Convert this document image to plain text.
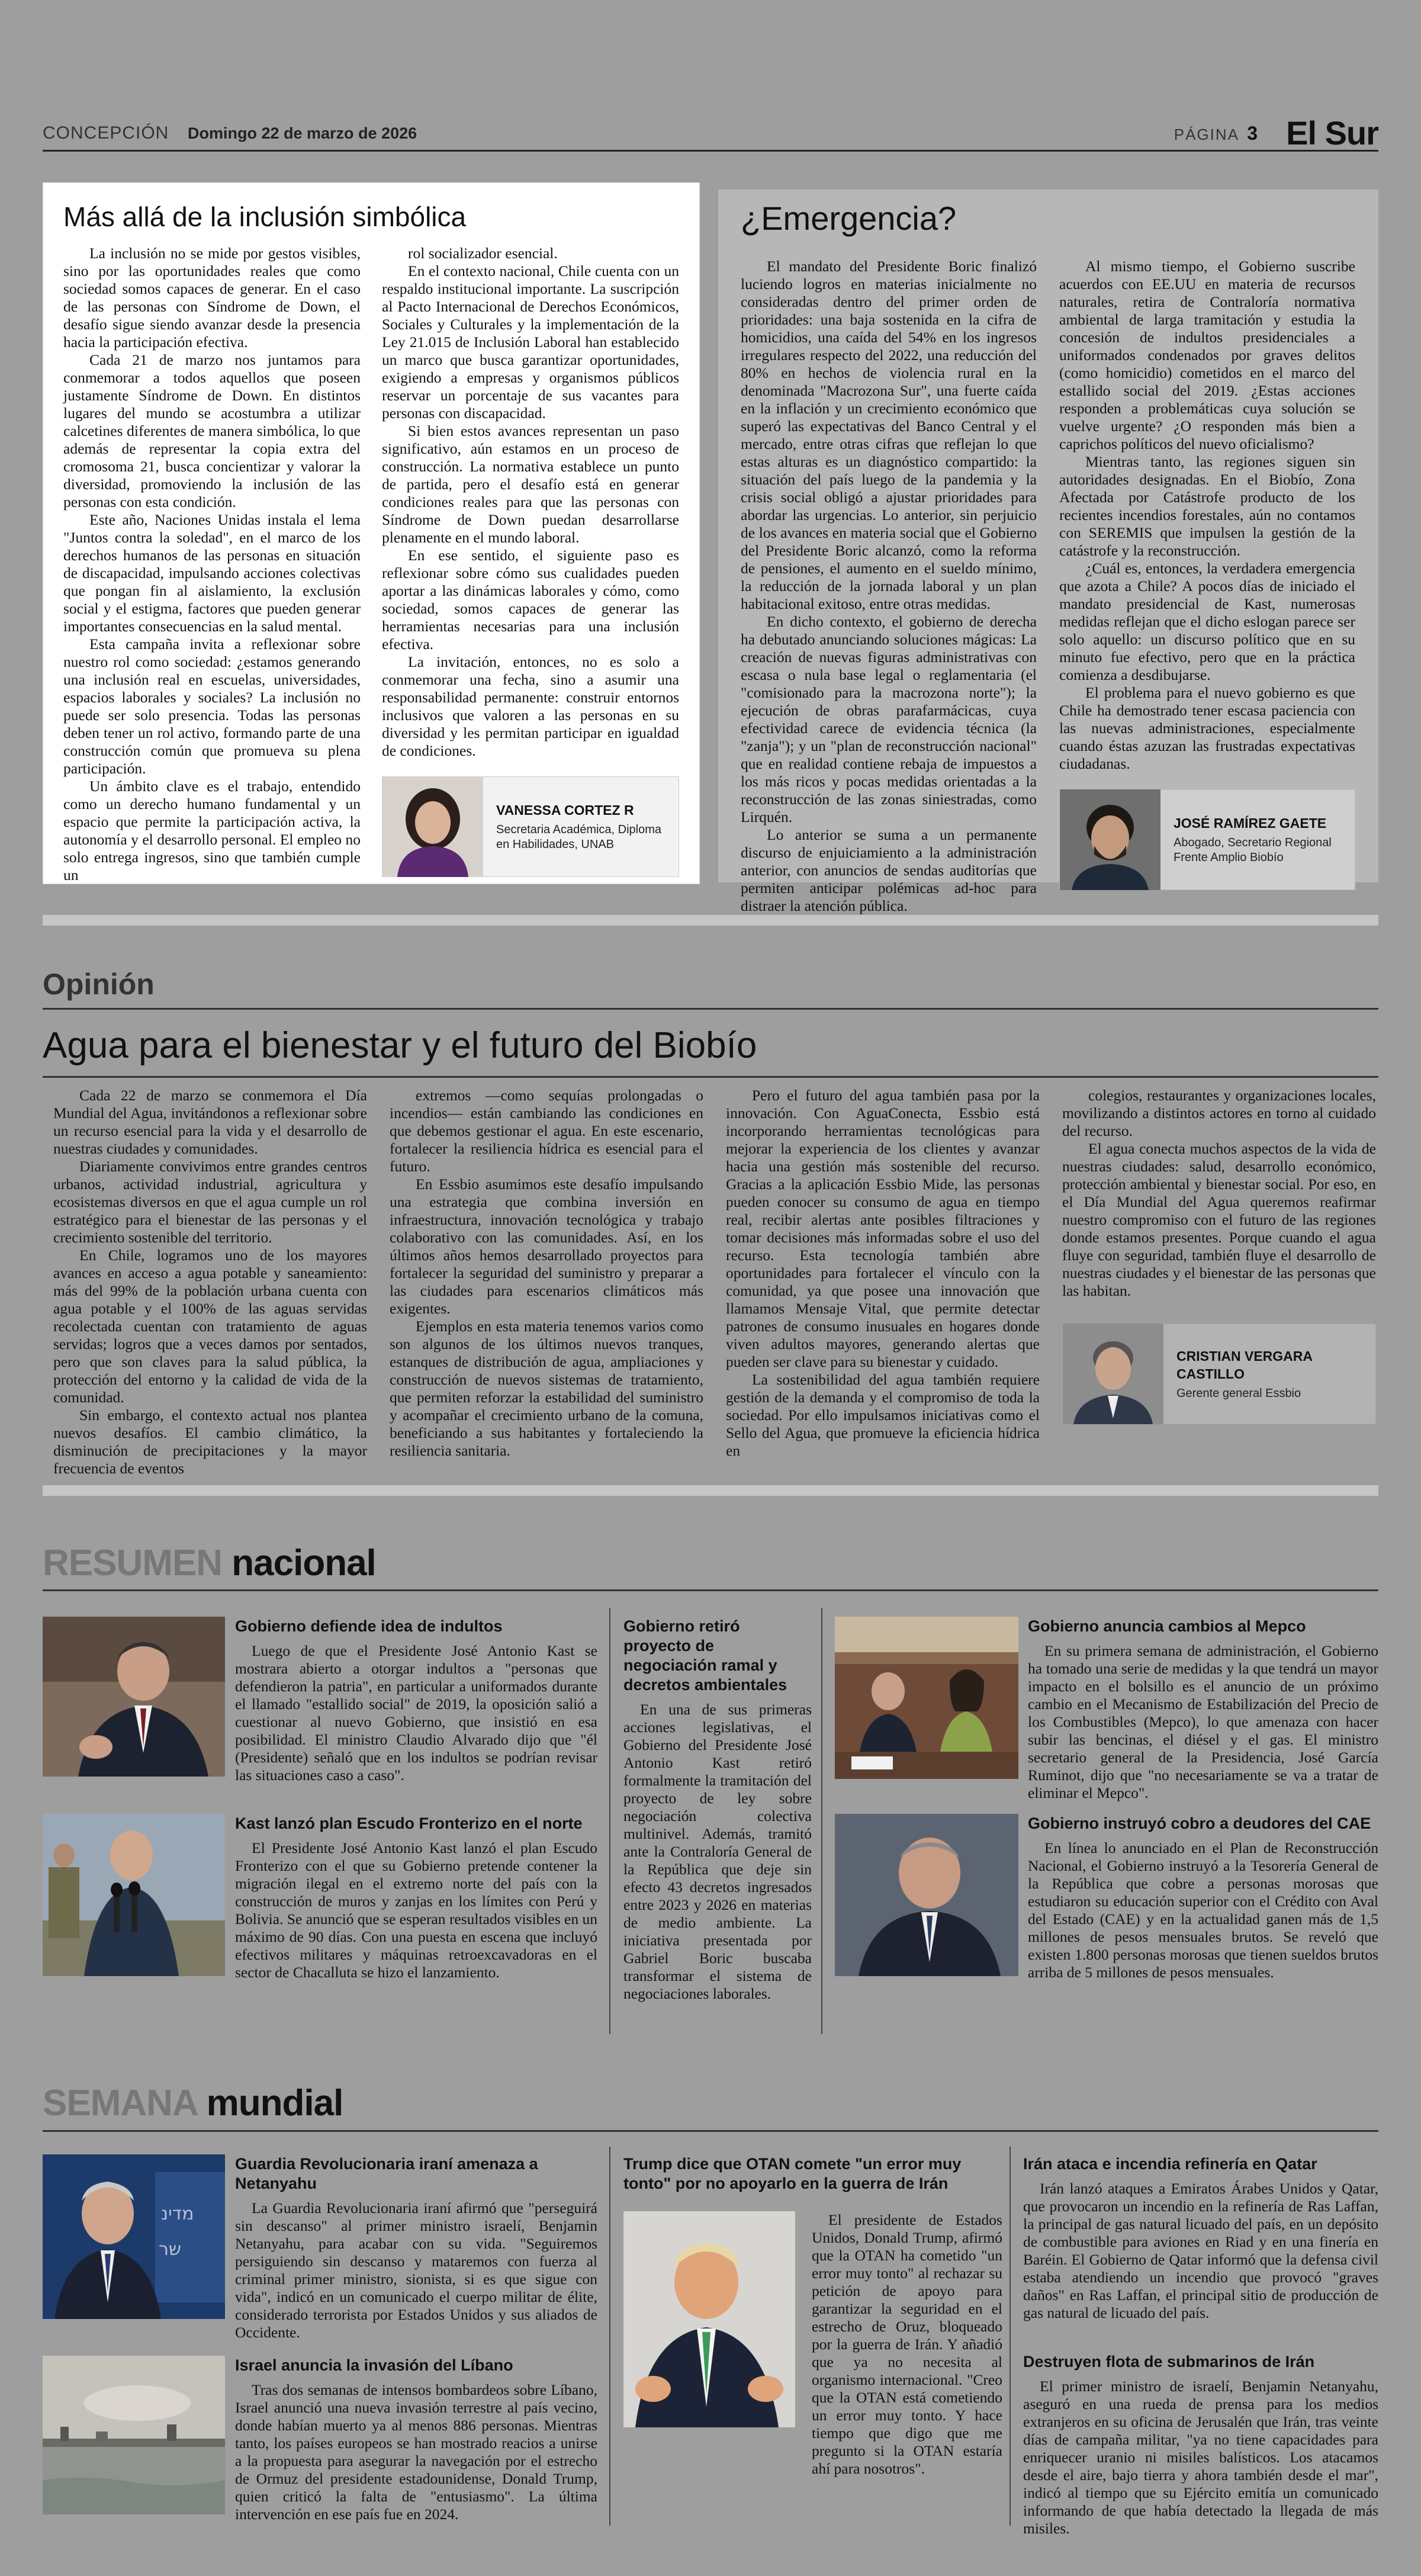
CONCEPCIÓN Domingo 22 de marzo de 2026	PÁGINA 3 El Sur
Más allá de la inclusión simbólica

La inclusión no se mide por gestos visibles, sino por las oportunidades reales que como sociedad somos capaces de generar. En el caso de las personas con Síndrome de Down, el desafío sigue siendo avanzar desde la presencia hacia la participación efectiva.

Cada 21 de marzo nos juntamos para conmemorar a todos aquellos que poseen justamente Síndrome de Down. En distintos lugares del mundo se acostumbra a utilizar calcetines diferentes de manera simbólica, lo que además de representar la copia extra del cromosoma 21, busca concientizar y valorar la diversidad, promoviendo la inclusión de las personas con esta condición.

Este año, Naciones Unidas instala el lema "Juntos contra la soledad", en el marco de los derechos humanos de las personas en situación de discapacidad, impulsando acciones colectivas que pongan fin al aislamiento, la exclusión social y el estigma, factores que pueden generar importantes consecuencias en la salud mental.

Esta campaña invita a reflexionar sobre nuestro rol como sociedad: ¿estamos generando una inclusión real en escuelas, universidades, espacios laborales y sociales? La inclusión no puede ser solo presencia. Todas las personas deben tener un rol activo, formando parte de una construcción común que promueva su plena participación.

Un ámbito clave es el trabajo, entendido como un derecho humano fundamental y un espacio que permite la participación activa, la autonomía y el desarrollo personal. El empleo no solo entrega ingresos, sino que también cumple un

rol socializador esencial.

En el contexto nacional, Chile cuenta con un respaldo institucional importante. La suscripción al Pacto Internacional de Derechos Económicos, Sociales y Culturales y la implementación de la Ley 21.015 de Inclusión Laboral han establecido un marco que busca garantizar oportunidades, exigiendo a empresas y organismos públicos reservar un porcentaje de sus vacantes para personas con discapacidad.

Si bien estos avances representan un paso significativo, aún estamos en un proceso de construcción. La normativa establece un punto de partida, pero el desafío está en generar condiciones reales para que las personas con Síndrome de Down puedan desarrollarse plenamente en el mundo laboral.

En ese sentido, el siguiente paso es reflexionar sobre cómo sus cualidades pueden aportar a las dinámicas laborales y cómo, como sociedad, somos capaces de generar las herramientas necesarias para una inclusión efectiva.

La invitación, entonces, no es solo a conmemorar una fecha, sino a asumir una responsabilidad permanente: construir entornos inclusivos que valoren a las personas en su diversidad y les permitan participar en igualdad de condiciones.

VANESSA CORTEZ R
Secretaria Académica, Diploma en Habilidades, UNAB
¿Emergencia?

El mandato del Presidente Boric finalizó luciendo logros en materias inicialmente no consideradas dentro del primer orden de prioridades: una baja sostenida en la cifra de homicidios, una caída del 54% en los ingresos irregulares respecto del 2022, una reducción del 80% en hechos de violencia rural en la denominada "Macrozona Sur", una fuerte caída en la inflación y un crecimiento económico que superó las expectativas del Banco Central y el mercado, entre otras cifras que reflejan lo que estas alturas es un diagnóstico compartido: la situación del país luego de la pandemia y la crisis social obligó a ajustar prioridades para abordar las urgencias. Lo anterior, sin perjuicio de los avances en materia social que el Gobierno del Presidente Boric alcanzó, como la reforma de pensiones, el aumento en el sueldo mínimo, la reducción de la jornada laboral y un plan habitacional exitoso, entre otras medidas.

En dicho contexto, el gobierno de derecha ha debutado anunciando soluciones mágicas: La creación de nuevas figuras administrativas con escasa o nula base legal o reglamentaria (el "comisionado para la macrozona norte"); la ejecución de obras parafarmácicas, cuya efectividad carece de evidencia técnica (la "zanja"); y un "plan de reconstrucción nacional" que en realidad contiene rebaja de impuestos a los más ricos y pocas medidas orientadas a la reconstrucción de las zonas siniestradas, como Lirquén.

Lo anterior se suma a un permanente discurso de enjuiciamiento a la administración anterior, con anuncios de sendas auditorías que permiten anticipar polémicas ad-hoc para distraer la atención pública.

Al mismo tiempo, el Gobierno suscribe acuerdos con EE.UU en materia de recursos naturales, retira de Contraloría normativa ambiental de larga tramitación y estudia la concesión de indultos presidenciales a uniformados condenados por graves delitos (como homicidio) cometidos en el marco del estallido social del 2019. ¿Estas acciones responden a problemáticas cuya solución se vuelve urgente? ¿O responden más bien a caprichos políticos del nuevo oficialismo?

Mientras tanto, las regiones siguen sin autoridades designadas. En el Biobío, Zona Afectada por Catástrofe producto de los recientes incendios forestales, aún no contamos con SEREMIS que impulsen la gestión de la catástrofe y la reconstrucción.

¿Cuál es, entonces, la verdadera emergencia que azota a Chile? A pocos días de iniciado el mandato presidencial de Kast, numerosas medidas reflejan que el dicho eslogan parece ser solo aquello: un discurso político que en su minuto fue efectivo, pero que en la práctica comienza a desdibujarse.

El problema para el nuevo gobierno es que Chile ha demostrado tener escasa paciencia con las nuevas administraciones, especialmente cuando éstas azuzan las frustradas expectativas ciudadanas.

JOSÉ RAMÍREZ GAETE
Abogado, Secretario Regional Frente Amplio Biobío
Opinión
Agua para el bienestar y el futuro del Biobío

Cada 22 de marzo se conmemora el Día Mundial del Agua, invitándonos a reflexionar sobre un recurso esencial para la vida y el desarrollo de nuestras ciudades y comunidades.

Diariamente convivimos entre grandes centros urbanos, actividad industrial, agricultura y ecosistemas diversos en que el agua cumple un rol estratégico para el bienestar de las personas y el crecimiento sostenible del territorio.

En Chile, logramos uno de los mayores avances en acceso a agua potable y saneamiento: más del 99% de la población urbana cuenta con agua potable y el 100% de las aguas servidas recolectada cuentan con tratamiento de aguas servidas; logros que a veces damos por sentados, pero que son claves para la salud pública, la protección del entorno y la calidad de vida de la comunidad.

Sin embargo, el contexto actual nos plantea nuevos desafíos. El cambio climático, la disminución de precipitaciones y la mayor frecuencia de eventos

extremos —como sequías prolongadas o incendios— están cambiando las condiciones en que debemos gestionar el agua. En este escenario, fortalecer la resiliencia hídrica es esencial para el futuro.

En Essbio asumimos este desafío impulsando una estrategia que combina inversión en infraestructura, innovación tecnológica y trabajo colaborativo con las comunidades. Así, en los últimos años hemos desarrollado proyectos para fortalecer la seguridad del suministro y preparar a las ciudades para escenarios climáticos más exigentes.

Ejemplos en esta materia tenemos varios como son algunos de los últimos nuevos tranques, estanques de distribución de agua, ampliaciones y construcción de nuevos sistemas de tratamiento, que permiten reforzar la estabilidad del suministro y acompañar el crecimiento urbano de la comuna, beneficiando a sus habitantes y fortaleciendo la resiliencia sanitaria.

Pero el futuro del agua también pasa por la innovación. Con AguaConecta, Essbio está incorporando herramientas tecnológicas para mejorar la experiencia de los clientes y avanzar hacia una gestión más sostenible del recurso. Gracias a la aplicación Essbio Mide, las personas pueden conocer su consumo de agua en tiempo real, recibir alertas ante posibles filtraciones y tomar decisiones más informadas sobre el uso del recurso. Esta tecnología también abre oportunidades para fortalecer el vínculo con la comunidad, ya que posee una innovación que llamamos Mensaje Vital, que permite detectar patrones de consumo inusuales en hogares donde viven adultos mayores, generando alertas que pueden ser clave para su bienestar y cuidado.

La sostenibilidad del agua también requiere gestión de la demanda y el compromiso de toda la sociedad. Por ello impulsamos iniciativas como el Sello del Agua, que promueve la eficiencia hídrica en

colegios, restaurantes y organizaciones locales, movilizando a distintos actores en torno al cuidado del recurso.

El agua conecta muchos aspectos de la vida de nuestras ciudades: salud, desarrollo económico, protección ambiental y bienestar social. Por eso, en el Día Mundial del Agua queremos reafirmar nuestro compromiso con el futuro de las regiones donde estamos presentes. Porque cuando el agua fluye con seguridad, también fluye el desarrollo de nuestras ciudades y el bienestar de las personas que las habitan.

CRISTIAN VERGARA CASTILLO
Gerente general Essbio
RESUMEN nacional
Gobierno defiende idea de indultos

Luego de que el Presidente José Antonio Kast se mostrara abierto a otorgar indultos a "personas que defendieron la patria", en particular a uniformados durante el llamado "estallido social" de 2019, la oposición salió a cuestionar al nuevo Gobierno, que insistió en esa posibilidad. El ministro Claudio Alvarado dijo que "él (Presidente) señaló que en los indultos se podrían revisar las situaciones caso a caso".

Kast lanzó plan Escudo Fronterizo en el norte

El Presidente José Antonio Kast lanzó el plan Escudo Fronterizo con el que su Gobierno pretende contener la migración ilegal en el extremo norte del país con la construcción de muros y zanjas en los límites con Perú y Bolivia. Se anunció que se esperan resultados visibles en un máximo de 90 días. Con una puesta en escena que incluyó efectivos militares y máquinas retroexcavadoras en el sector de Chacalluta se hizo el lanzamiento.

Gobierno retiró proyecto de negociación ramal y decretos ambientales

En una de sus primeras acciones legislativas, el Gobierno del Presidente José Antonio Kast retiró formalmente la tramitación del proyecto de ley sobre negociación colectiva multinivel. Además, tramitó ante la Contraloría General de la República que deje sin efecto 43 decretos ingresados entre 2023 y 2026 en materias de medio ambiente. La iniciativa presentada por Gabriel Boric buscaba transformar el sistema de negociaciones laborales.

Gobierno anuncia cambios al Mepco

En su primera semana de administración, el Gobierno ha tomado una serie de medidas y la que tendrá un mayor impacto en el bolsillo es el anuncio de un próximo cambio en el Mecanismo de Estabilización del Precio de los Combustibles (Mepco), lo que amenaza con hacer subir las bencinas, el diésel y el gas. El ministro secretario general de la Presidencia, José García Ruminot, dijo que "no necesariamente se va a tratar de eliminar el Mepco".

Gobierno instruyó cobro a deudores del CAE

En línea lo anunciado en el Plan de Reconstrucción Nacional, el Gobierno instruyó a la Tesorería General de la República que cobre a personas morosas que estudiaron su educación superior con el Crédito con Aval del Estado (CAE) y en la actualidad ganen más de 1,5 millones de pesos mensuales brutos. Se reveló que existen 1.800 personas morosas que tienen sueldos brutos arriba de 5 millones de pesos mensuales.

SEMANA mundial
מדינ
שר
Guardia Revolucionaria iraní amenaza a Netanyahu

La Guardia Revolucionaria iraní afirmó que "perseguirá sin descanso" al primer ministro israelí, Benjamin Netanyahu, para acabar con su vida. "Seguiremos persiguiendo sin descanso y mataremos con fuerza al criminal primer ministro, sionista, si es que sigue con vida", indicó en un comunicado el cuerpo militar de élite, considerado terrorista por Estados Unidos y sus aliados de Occidente.

Israel anuncia la invasión del Líbano

Tras dos semanas de intensos bombardeos sobre Líbano, Israel anunció una nueva invasión terrestre al país vecino, donde habían muerto ya al menos 886 personas. Mientras tanto, los países europeos se han mostrado reacios a unirse a la propuesta para asegurar la navegación por el estrecho de Ormuz del presidente estadounidense, Donald Trump, quien criticó la falta de "entusiasmo". La última intervención en ese país fue en 2024.

Trump dice que OTAN comete "un error muy tonto" por no apoyarlo en la guerra de Irán

El presidente de Estados Unidos, Donald Trump, afirmó que la OTAN ha cometido "un error muy tonto" al rechazar su petición de apoyo para garantizar la seguridad en el estrecho de Oruz, bloqueado por la guerra de Irán. Y añadió que ya no necesita al organismo internacional. "Creo que la OTAN está cometiendo un error muy tonto. Y hace tiempo que digo que me pregunto si la OTAN estaría ahí para nosotros".

Irán ataca e incendia refinería en Qatar

Irán lanzó ataques a Emiratos Árabes Unidos y Qatar, que provocaron un incendio en la refinería de Ras Laffan, la principal de gas natural licuado del país, en un depósito de combustible para aviones en Riad y en una finería en Baréin. El Gobierno de Qatar informó que la defensa civil estaba atendiendo un incendio que provocó "graves daños" en Ras Laffan, el principal sitio de producción de gas natural de licuado del país.

Destruyen flota de submarinos de Irán

El primer ministro de israelí, Benjamin Netanyahu, aseguró en una rueda de prensa para los medios extranjeros en su oficina de Jerusalén que Irán, tras veinte días de campaña militar, "ya no tiene capacidades para enriquecer uranio ni misiles balísticos. Los atacamos desde el aire, bajo tierra y ahora también desde el mar", indicó al tiempo que su Ejército emitía un comunicado informando de que había detectado la llegada de más misiles.
